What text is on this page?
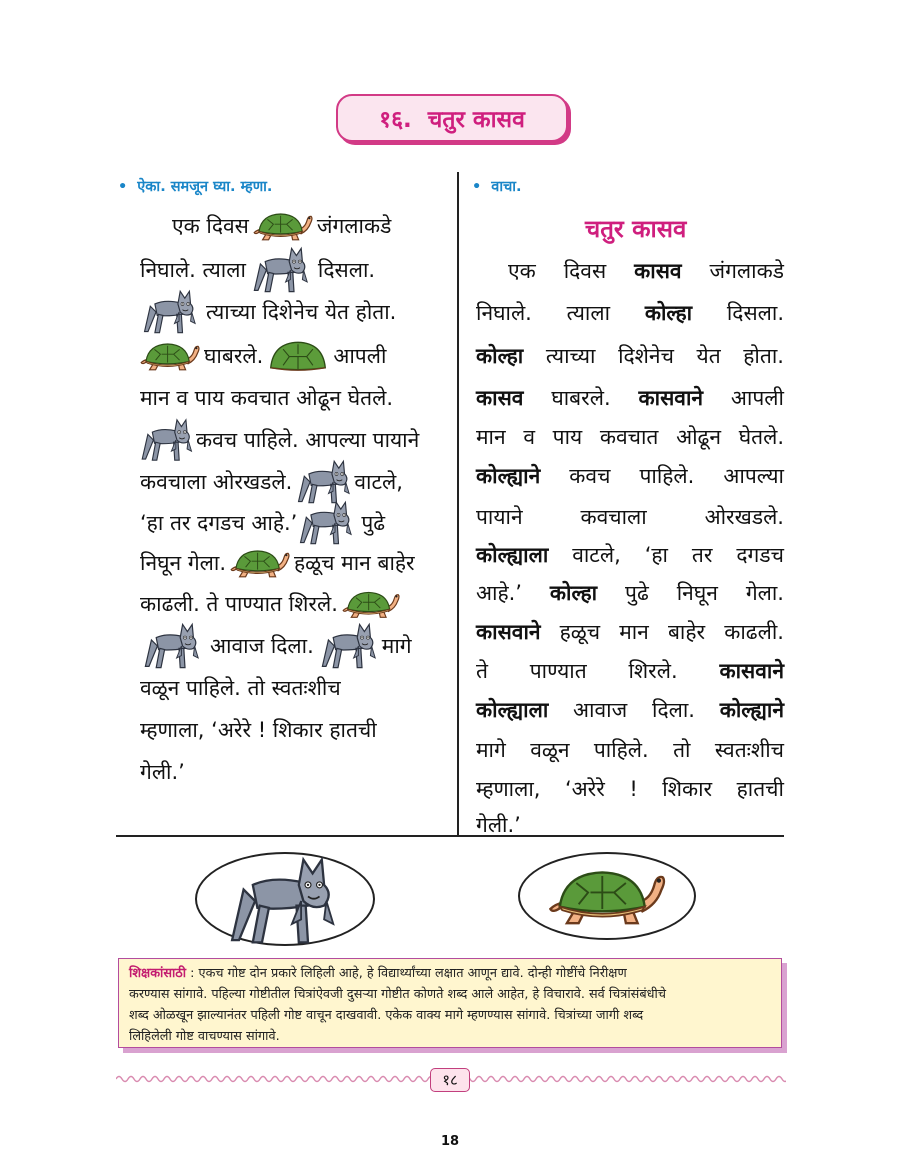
१६. चतुर कासव
• ऐका. समजून घ्या. म्हणा.
एक दिवस	जंगलाकडे
निघाले. त्याला	दिसला.
त्याच्या दिशेनेच येत होता.
घाबरले.	आपली
मान व पाय कवचात ओढून घेतले.
कवच पाहिले. आपल्या पायाने
कवचाला ओरखडले.	वाटले,
‘हा तर दगडच आहे.’	पुढे
निघून गेला.	हळूच मान बाहेर
काढली. ते पाण्यात शिरले.
आवाज दिला.	मागे
वळून पाहिले. तो स्वतःशीच
म्हणाला, ‘अरेरे ! शिकार हातची
गेली.’
• वाचा.
चतुर कासव
एक दिवस कासव जंगलाकडे
निघाले. त्याला कोल्हा दिसला.
कोल्हा त्याच्या दिशेनेच येत होता.
कासव घाबरले. कासवाने आपली
मान व पाय कवचात ओढून घेतले.
कोल्ह्याने कवच पाहिले. आपल्या
पायाने	कवचाला	ओरखडले.
कोल्ह्याला वाटले, ‘हा तर दगडच
आहे.’ कोल्हा पुढे निघून गेला.
कासवाने हळूच मान बाहेर काढली.
ते पाण्यात शिरले. कासवाने
कोल्ह्याला आवाज दिला. कोल्ह्याने
मागे वळून पाहिले. तो स्वतःशीच
म्हणाला, ‘अरेरे ! शिकार हातची
गेली.’
शिक्षकांसाठी : एकच गोष्ट दोन प्रकारे लिहिली आहे, हे विद्यार्थ्यांच्या लक्षात आणून द्यावे. दोन्ही गोष्टींचे निरीक्षण
करण्यास सांगावे. पहिल्या गोष्टीतील चित्रांऐवजी दुसऱ्या गोष्टीत कोणते शब्द आले आहेत, हे विचारावे. सर्व चित्रांसंबंधीचे
शब्द ओळखून झाल्यानंतर पहिली गोष्ट वाचून दाखवावी. एकेक वाक्य मागे म्हणण्यास सांगावे. चित्रांच्या जागी शब्द
लिहिलेली गोष्ट वाचण्यास सांगावे.
१८
18
